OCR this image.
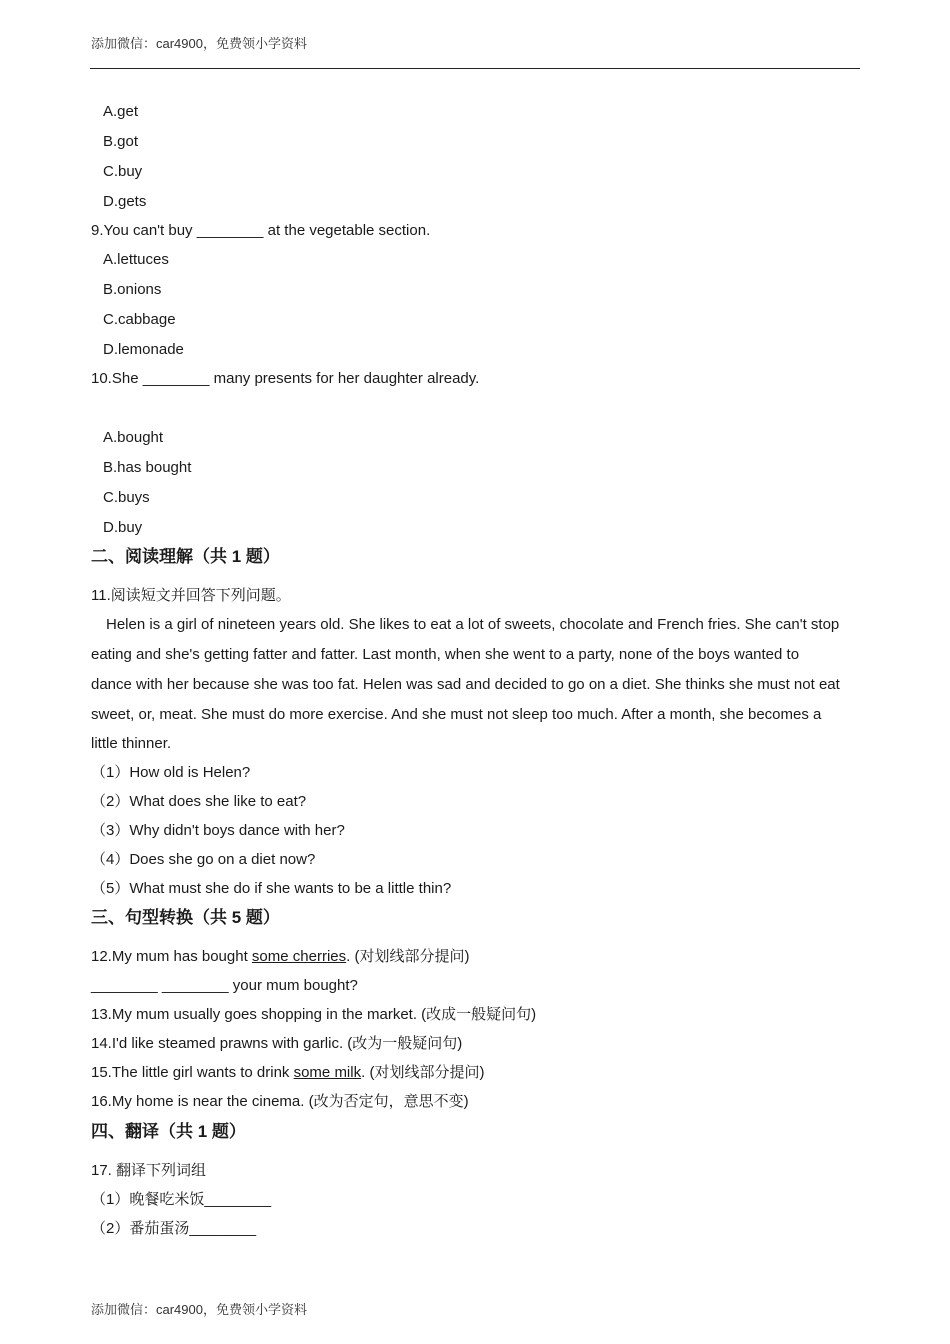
添加微信：car4900，免费领小学资料
A.get
B.got
C.buy
D.gets
9.You can't buy ________ at the vegetable section.
A.lettuces
B.onions
C.cabbage
D.lemonade
10.She ________ many presents for her daughter already.
A.bought
B.has bought
C.buys
D.buy
二、阅读理解（共 1 题）
11.阅读短文并回答下列问题。
Helen is a girl of nineteen years old. She likes to eat a lot of sweets, chocolate and French fries. She can't stop
eating and she's getting fatter and fatter. Last month, when she went to a party, none of the boys wanted to
dance with her because she was too fat. Helen was sad and decided to go on a diet. She thinks she must not eat
sweet, or, meat. She must do more exercise. And she must not sleep too much. After a month, she becomes a
little thinner.
（1）How old is Helen?
（2）What does she like to eat?
（3）Why didn't boys dance with her?
（4）Does she go on a diet now?
（5）What must she do if she wants to be a little thin?
三、句型转换（共 5 题）
12.My mum has bought some cherries. (对划线部分提问)
________ ________ your mum bought?
13.My mum usually goes shopping in the market. (改成一般疑问句)
14.I'd like steamed prawns with garlic. (改为一般疑问句)
15.The little girl wants to drink some milk. (对划线部分提问)
16.My home is near the cinema. (改为否定句，意思不变)
四、翻译（共 1 题）
17. 翻译下列词组
（1）晚餐吃米饭________
（2）番茄蛋汤________
添加微信：car4900，免费领小学资料
